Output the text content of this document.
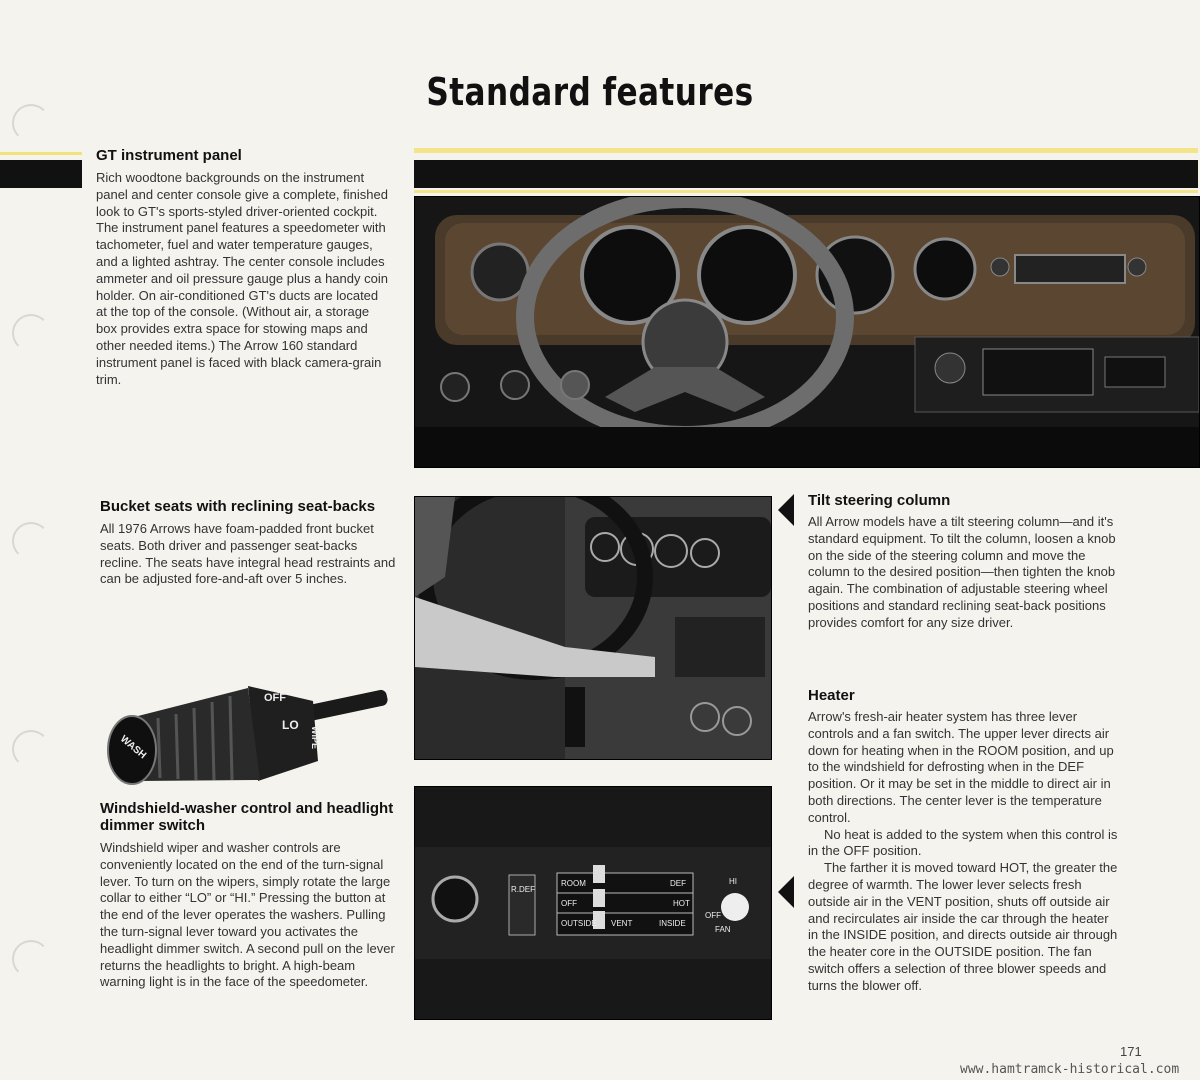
Standard features
GT instrument panel

Rich woodtone backgrounds on the instrument panel and center console give a complete, finished look to GT's sports-styled driver-oriented cockpit. The instrument panel features a speedometer with tachometer, fuel and water temperature gauges, and a lighted ashtray. The center console includes ammeter and oil pressure gauge plus a handy coin holder. On air-conditioned GT's ducts are located at the top of the console. (Without air, a storage box provides extra space for stowing maps and other needed items.) The Arrow 160 standard instrument panel is faced with black camera-grain trim.

Bucket seats with reclining seat-backs

All 1976 Arrows have foam-padded front bucket seats. Both driver and passenger seat-backs recline. The seats have integral head restraints and can be adjusted fore-and-aft over 5 inches.

Tilt steering column

All Arrow models have a tilt steering column—and it's standard equipment. To tilt the column, loosen a knob on the side of the steering column and move the column to the desired position—then tighten the knob again. The combination of adjustable steering wheel positions and standard reclining seat-back positions provides comfort for any size driver.

Heater

Arrow's fresh-air heater system has three lever controls and a fan switch. The upper lever directs air down for heating when in the ROOM position, and up to the windshield for defrosting when in the DEF position. Or it may be set in the middle to direct air in both directions. The center lever is the temperature control.

No heat is added to the system when this control is in the OFF position.

The farther it is moved toward HOT, the greater the degree of warmth. The lower lever selects fresh outside air in the VENT position, shuts off outside air and recirculates air inside the car through the heater in the INSIDE position, and directs outside air through the heater core in the OUTSIDE position. The fan switch offers a selection of three blower speeds and turns the blower off.

WASH
OFF
LO
WIPE
Windshield-washer control and headlight dimmer switch

Windshield wiper and washer controls are conveniently located on the end of the turn-signal lever. To turn on the wipers, simply rotate the large collar to either “LO” or “HI.” Pressing the button at the end of the lever operates the washers. Pulling the turn-signal lever toward you activates the headlight dimmer switch. A second pull on the lever returns the headlights to bright. A high-beam warning light is in the face of the speedometer.

R.DEF
ROOM	DEF
OFF	HOT
OUTSIDE VENT	INSIDE
HI
OFF
FAN
171
www.hamtramck-historical.com
